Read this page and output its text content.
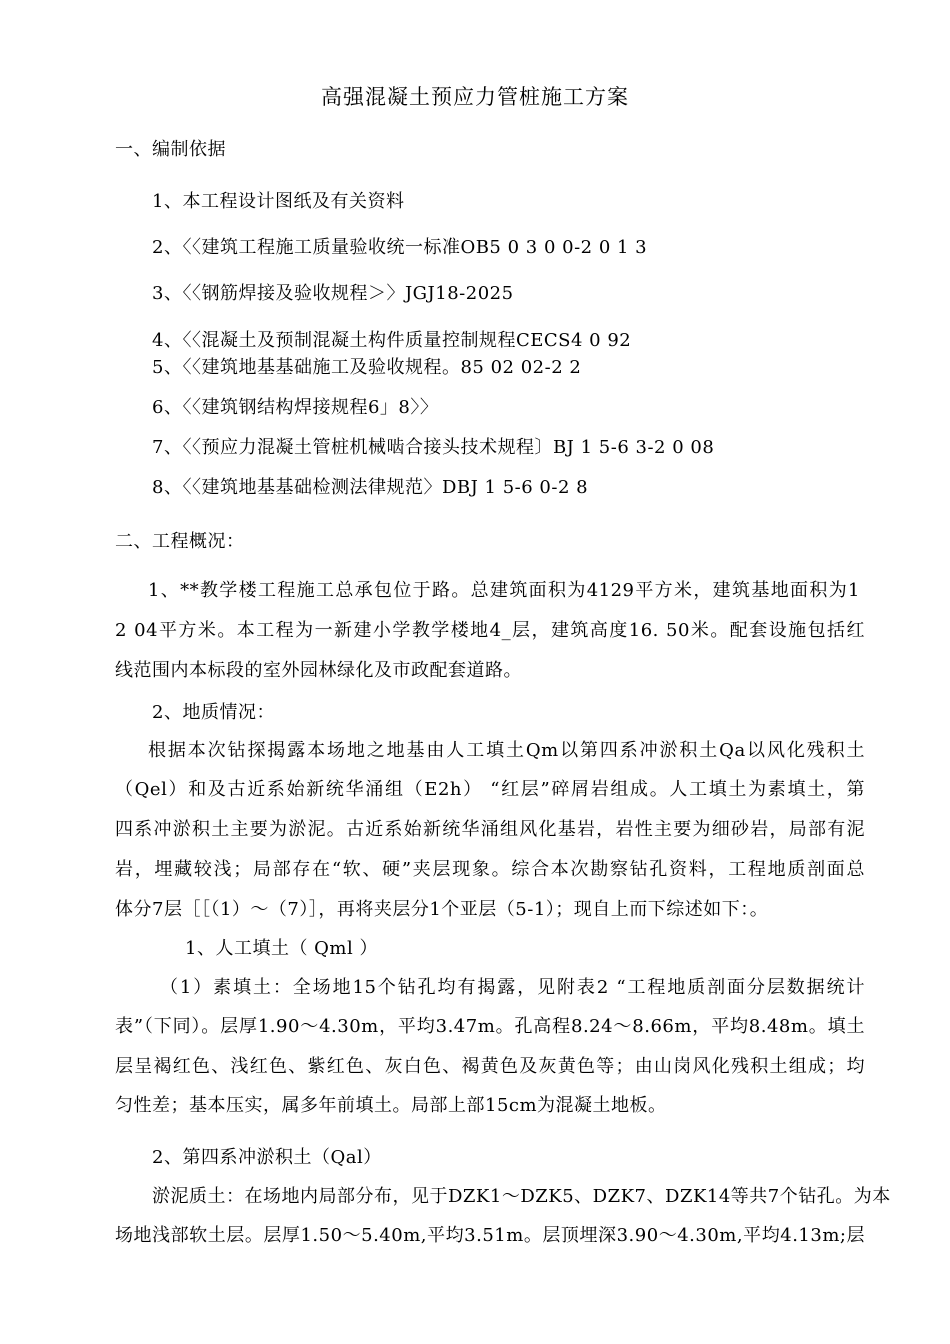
高强混凝土预应力管桩施工方案
一、编制依据
1、本工程设计图纸及有关资料
2、〈〈建筑工程施工质量验收统一标准OB5 0 3 0 0-2 0 1 3
3、〈〈钢筋焊接及验收规程＞〉JGJ18-2025
4、〈〈混凝土及预制混凝土构件质量控制规程CECS4 0 92
5、〈〈建筑地基基础施工及验收规程。85 02 02-2 2
6、〈〈建筑钢结构焊接规程6」8〉〉
7、〈〈预应力混凝土管桩机械啮合接头技术规程〕BJ 1 5-6 3-2 0 08
8、〈〈建筑地基基础检测法律规范〉DBJ 1 5-6 0-2 8
二、工程概况：
1、**教学楼工程施工总承包位于路。总建筑面积为4129平方米，建筑基地面积为1
2 04平方米。本工程为一新建小学教学楼地4_层，建筑高度16. 50米。配套设施包括红
线范围内本标段的室外园林绿化及市政配套道路。
2、地质情况：
根据本次钻探揭露本场地之地基由人工填土Qm以第四系冲淤积土Qa以风化残积土
（Qel）和及古近系始新统华涌组（E2h） “红层”碎屑岩组成。人工填土为素填土，第
四系冲淤积土主要为淤泥。古近系始新统华涌组风化基岩，岩性主要为细砂岩，局部有泥
岩，埋藏较浅；局部存在“软、硬”夹层现象。综合本次勘察钻孔资料，工程地质剖面总
体分7层［［（1）〜（7）］，再将夹层分1个亚层（5-1）；现自上而下综述如下：。
1、人工填土（ Qml ）
（1）素填土：全场地15个钻孔均有揭露，见附表2 “工程地质剖面分层数据统计
表”（下同）。层厚1.90〜4.30m，平均3.47m。孔高程8.24〜8.66m，平均8.48m。填土
层呈褐红色、浅红色、紫红色、灰白色、褐黄色及灰黄色等；由山岗风化残积土组成；均
匀性差；基本压实，属多年前填土。局部上部15cm为混凝土地板。
2、第四系冲淤积土（Qal）
淤泥质土：在场地内局部分布，见于DZK1〜DZK5、DZK7、DZK14等共7个钻孔。为本
场地浅部软土层。层厚1.50〜5.40m,平均3.51m。层顶埋深3.90〜4.30m,平均4.13m;层
